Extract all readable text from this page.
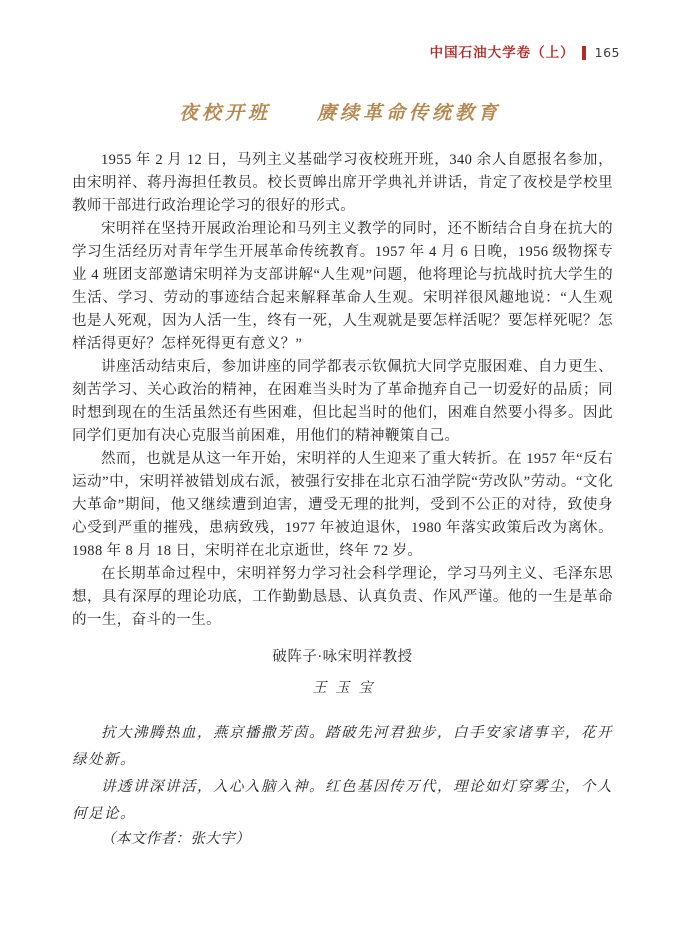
中国石油大学卷（上） 165
夜校开班　　赓续革命传统教育

1955 年 2 月 12 日，马列主义基础学习夜校班开班，340 余人自愿报名参加，由宋明祥、蒋丹海担任教员。校长贾皞出席开学典礼并讲话，肯定了夜校是学校里教师干部进行政治理论学习的很好的形式。

宋明祥在坚持开展政治理论和马列主义教学的同时，还不断结合自身在抗大的学习生活经历对青年学生开展革命传统教育。1957 年 4 月 6 日晚，1956 级物探专业 4 班团支部邀请宋明祥为支部讲解“人生观”问题，他将理论与抗战时抗大学生的生活、学习、劳动的事迹结合起来解释革命人生观。宋明祥很风趣地说：“人生观也是人死观，因为人活一生，终有一死，人生观就是要怎样活呢？要怎样死呢？怎样活得更好？怎样死得更有意义？”

讲座活动结束后，参加讲座的同学都表示钦佩抗大同学克服困难、自力更生、刻苦学习、关心政治的精神，在困难当头时为了革命抛弃自己一切爱好的品质；同时想到现在的生活虽然还有些困难，但比起当时的他们，困难自然要小得多。因此同学们更加有决心克服当前困难，用他们的精神鞭策自己。

然而，也就是从这一年开始，宋明祥的人生迎来了重大转折。在 1957 年“反右运动”中，宋明祥被错划成右派，被强行安排在北京石油学院“劳改队”劳动。“文化大革命”期间，他又继续遭到迫害，遭受无理的批判，受到不公正的对待，致使身心受到严重的摧残，患病致残，1977 年被迫退休，1980 年落实政策后改为离休。1988 年 8 月 18 日，宋明祥在北京逝世，终年 72 岁。

在长期革命过程中，宋明祥努力学习社会科学理论，学习马列主义、毛泽东思想，具有深厚的理论功底，工作勤勤恳恳、认真负责、作风严谨。他的一生是革命的一生，奋斗的一生。

破阵子·咏宋明祥教授
王玉宝

抗大沸腾热血，燕京播撒芳茵。踏破先河君独步，白手安家诸事辛，花开绿处新。

讲透讲深讲活，入心入脑入神。红色基因传万代，理论如灯穿雾尘，个人何足论。

（本文作者：张大宇）
